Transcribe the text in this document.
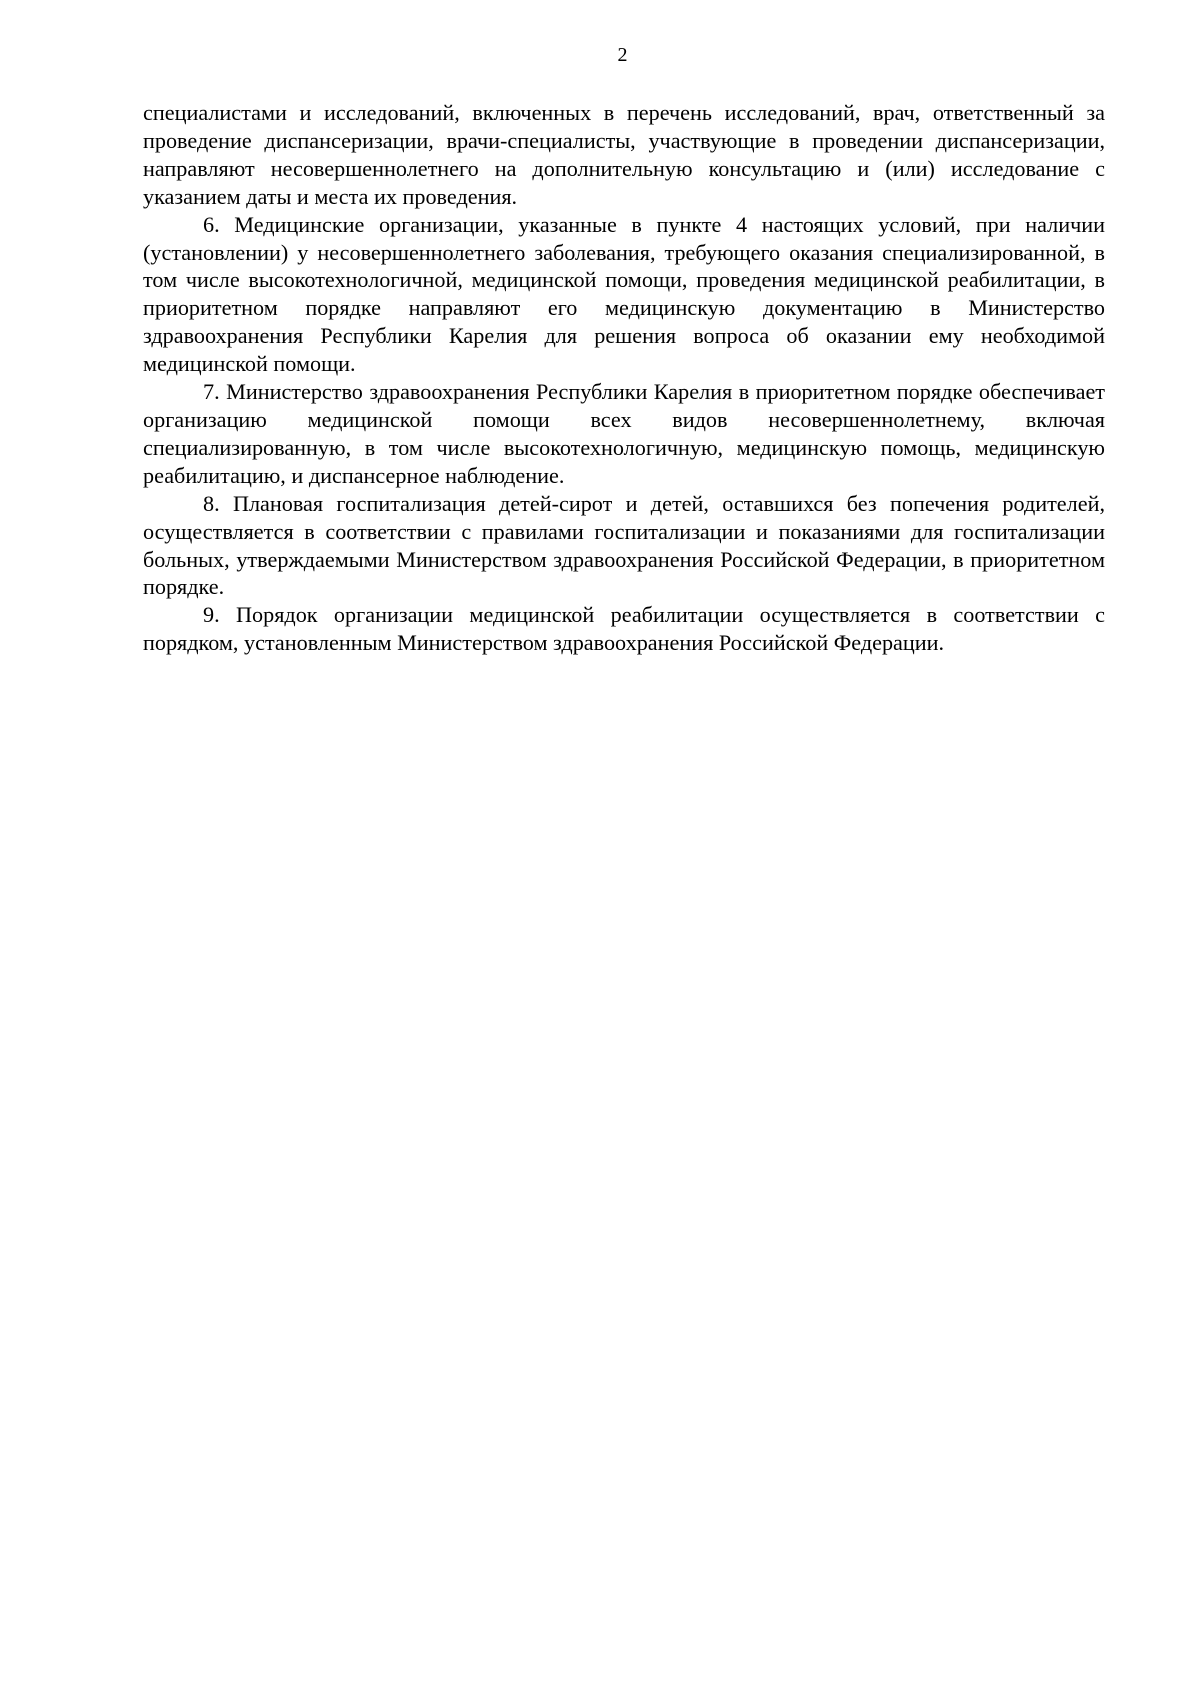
2

специалистами и исследований, включенных в перечень исследований, врач, ответственный за проведение диспансеризации, врачи-специалисты, участвующие в проведении диспансеризации, направляют несовершеннолетнего на дополнительную консультацию и (или) исследование с указанием даты и места их проведения.

6. Медицинские организации, указанные в пункте 4 настоящих условий, при наличии (установлении) у несовершеннолетнего заболевания, требующего оказания специализированной, в том числе высокотехнологичной, медицинской помощи, проведения медицинской реабилитации, в приоритетном порядке направляют его медицинскую документацию в Министерство здравоохранения Республики Карелия для решения вопроса об оказании ему необходимой медицинской помощи.

7. Министерство здравоохранения Республики Карелия в приоритетном порядке обеспечивает организацию медицинской помощи всех видов несовершеннолетнему, включая специализированную, в том числе высокотехнологичную, медицинскую помощь, медицинскую реабилитацию, и диспансерное наблюдение.

8. Плановая госпитализация детей-сирот и детей, оставшихся без попечения родителей, осуществляется в соответствии с правилами госпитализации и показаниями для госпитализации больных, утверждаемыми Министерством здравоохранения Российской Федерации, в приоритетном порядке.

9. Порядок организации медицинской реабилитации осуществляется в соответствии с порядком, установленным Министерством здравоохранения Российской Федерации.
